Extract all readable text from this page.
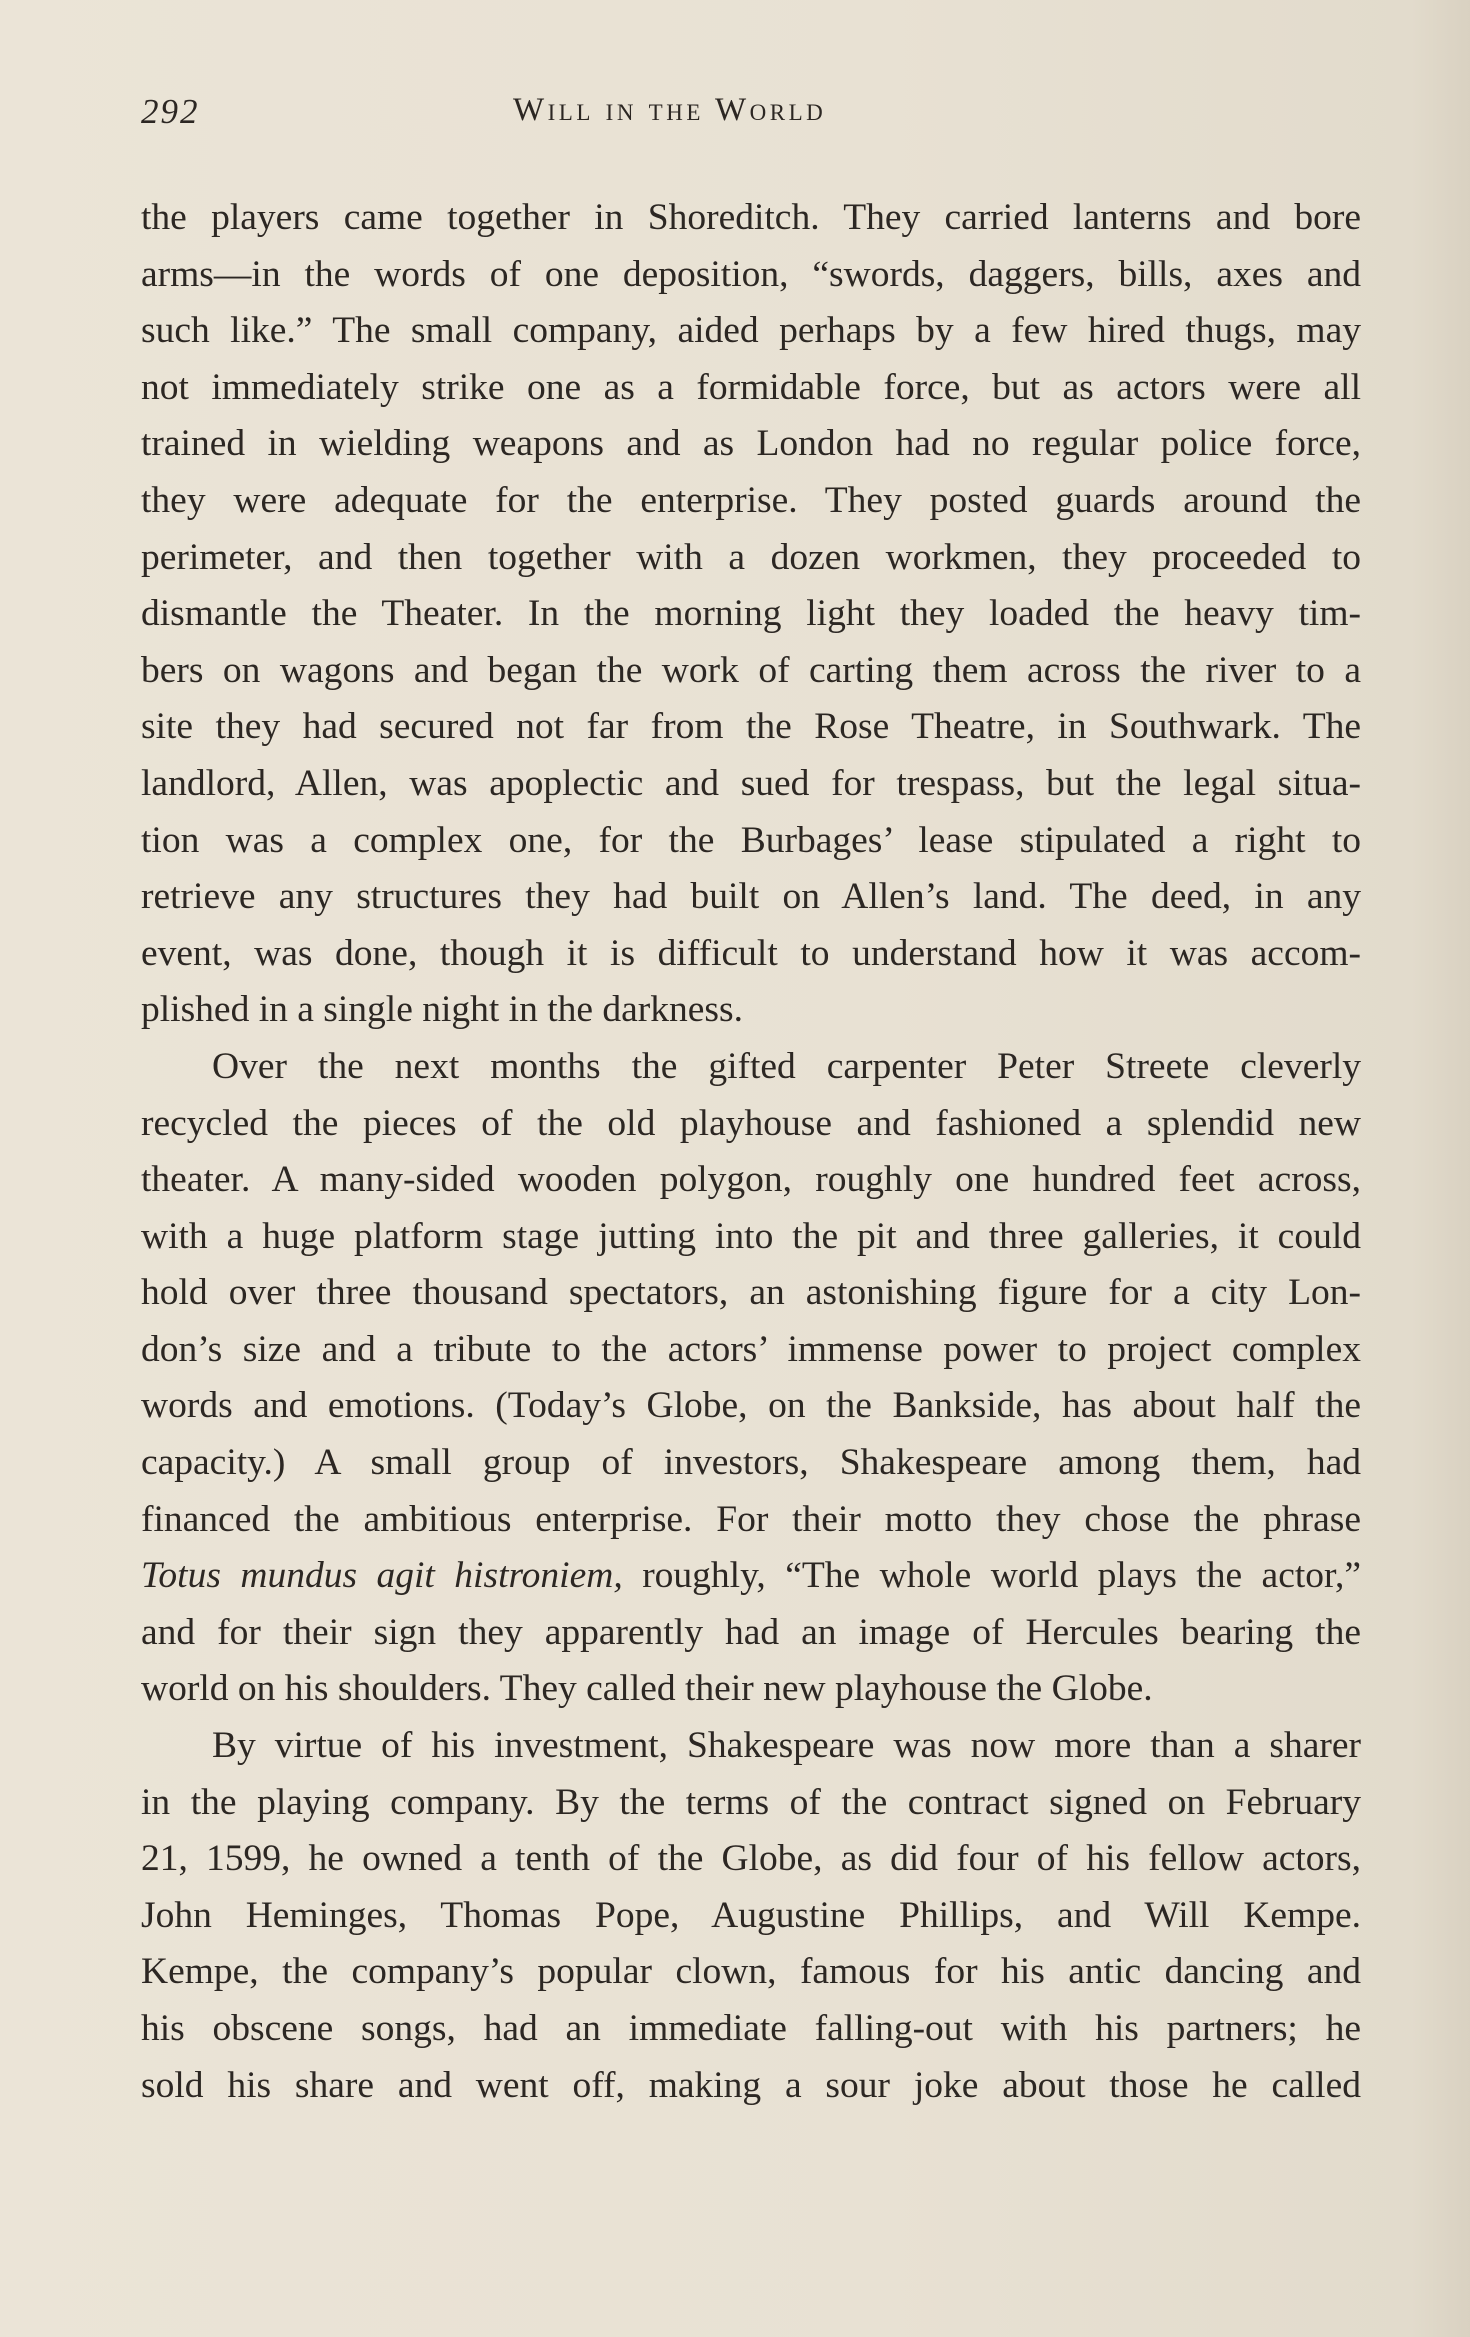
292	Will in the World

the players came together in Shoreditch. They carried lanterns and bore
arms—in the words of one deposition, “swords, daggers, bills, axes and
such like.” The small company, aided perhaps by a few hired thugs, may
not immediately strike one as a formidable force, but as actors were all
trained in wielding weapons and as London had no regular police force,
they were adequate for the enterprise. They posted guards around the
perimeter, and then together with a dozen workmen, they proceeded to
dismantle the Theater. In the morning light they loaded the heavy tim-
bers on wagons and began the work of carting them across the river to a
site they had secured not far from the Rose Theatre, in Southwark. The
landlord, Allen, was apoplectic and sued for trespass, but the legal situa-
tion was a complex one, for the Burbages’ lease stipulated a right to
retrieve any structures they had built on Allen’s land. The deed, in any
event, was done, though it is difficult to understand how it was accom-
plished in a single night in the darkness.

Over the next months the gifted carpenter Peter Streete cleverly
recycled the pieces of the old playhouse and fashioned a splendid new
theater. A many-sided wooden polygon, roughly one hundred feet across,
with a huge platform stage jutting into the pit and three galleries, it could
hold over three thousand spectators, an astonishing figure for a city Lon-
don’s size and a tribute to the actors’ immense power to project complex
words and emotions. (Today’s Globe, on the Bankside, has about half the
capacity.) A small group of investors, Shakespeare among them, had
financed the ambitious enterprise. For their motto they chose the phrase
Totus mundus agit histroniem, roughly, “The whole world plays the actor,”
and for their sign they apparently had an image of Hercules bearing the
world on his shoulders. They called their new playhouse the Globe.

By virtue of his investment, Shakespeare was now more than a sharer
in the playing company. By the terms of the contract signed on February
21, 1599, he owned a tenth of the Globe, as did four of his fellow actors,
John Heminges, Thomas Pope, Augustine Phillips, and Will Kempe.
Kempe, the company’s popular clown, famous for his antic dancing and
his obscene songs, had an immediate falling-out with his partners; he
sold his share and went off, making a sour joke about those he called
